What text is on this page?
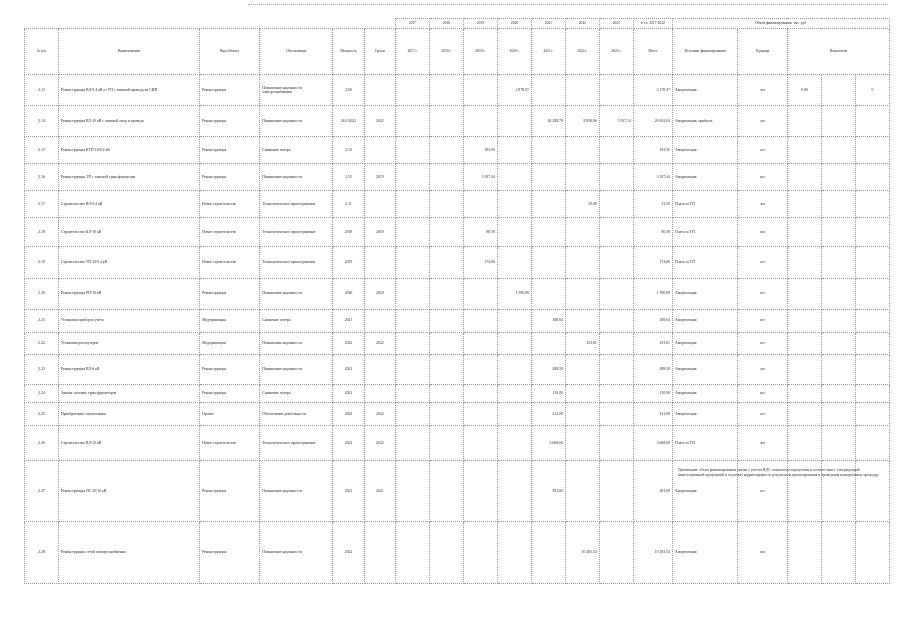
						2017	2018	2019	2020	2021	2022	2023	в т.ч. 2017-2022	Объем финансирования, тыс. руб.				
№ п/п	Наименование	Вид объекта	Обоснование	Мощность	Сроки	2017 г.	2018 г.	2019 г.	2020 г.	2021 г.	2022 г.	2023 г.	Итого	Источник финансирования	Единица	Показатели		
2.13	Реконструкция ВЛ-0,4 кВ от ТП с заменой провода на СИП	Реконструкция	Повышение надежности электроснабжения	2,00					2 878,97				3 170,37	Амортизация	км	0,00		0
2.14	Реконструкция ВЛ-10 кВ с заменой опор и провода	Реконструкция	Повышение надежности	26,9 2022	2022					44 288,78	8 858,96	5 937,14	20 632,04	Амортизация, прибыль	км			
2.15	Реконструкция КТП-10/0,4 кВ	Реконструкция	Снижение потерь	2,10				183,56					183,56	Амортизация	шт			
2.16	Реконструкция ТП с заменой трансформатора	Реконструкция	Повышение надежности	1,55	2019			3 187,44					3 187,44	Амортизация	шт			
2.17	Строительство ВЛ-0,4 кВ	Новое строительство	Технологическое присоединение	2,11							29,00		31,50	Плата за ТП	км			
2.18	Строительство КЛ-10 кВ	Новое строительство	Технологическое присоединение	2018	2018			80,58					80,58	Плата за ТП	км			
2.19	Строительство ТП-10/0,4 кВ	Новое строительство	Технологическое присоединение	2019				174,06					174,06	Плата за ТП	шт			
2.20	Реконструкция РП-10 кВ	Реконструкция	Повышение надежности	2020	2020				1 590,89				1 590,89	Амортизация	шт			
2.21	Установка приборов учета	Модернизация	Снижение потерь	2021						188,64			188,64	Амортизация	шт			
2.22	Установка реклоузеров	Модернизация	Повышение надежности	2022	2022						253,61		253,61	Амортизация	шт			
2.23	Реконструкция ВЛ-6 кВ	Реконструкция	Повышение надежности	2021						288,58			288,58	Амортизация	км			
2.24	Замена силовых трансформаторов	Реконструкция	Снижение потерь	2021						110,00			110,00	Амортизация	шт			
2.25	Приобретение спецтехники	Прочее	Обеспечение деятельности	2022	2022					412,00			412,00	Амортизация	шт			
2.26	Строительство ВЛ-10 кВ	Новое строительство	Технологическое присоединение	2022	2022					3 668,00			3 668,00	Плата за ТП	км			
2.27	Реконструкция ПС 35/10 кВ	Реконструкция	Повышение надежности	2021	2021					381,00			381,00	Амортизация	шт			
2.28	Реконструкция сетей электроснабжения	Реконструкция	Повышение надежности	2022							10 283,54		10 283,54	Амортизация	км			
Примечание: объем финансирования указан с учетом НДС; показатели определены в соответствии с утвержденной инвестиционной программой и подлежат корректировке по результатам проектирования и проведения конкурентных процедур.
